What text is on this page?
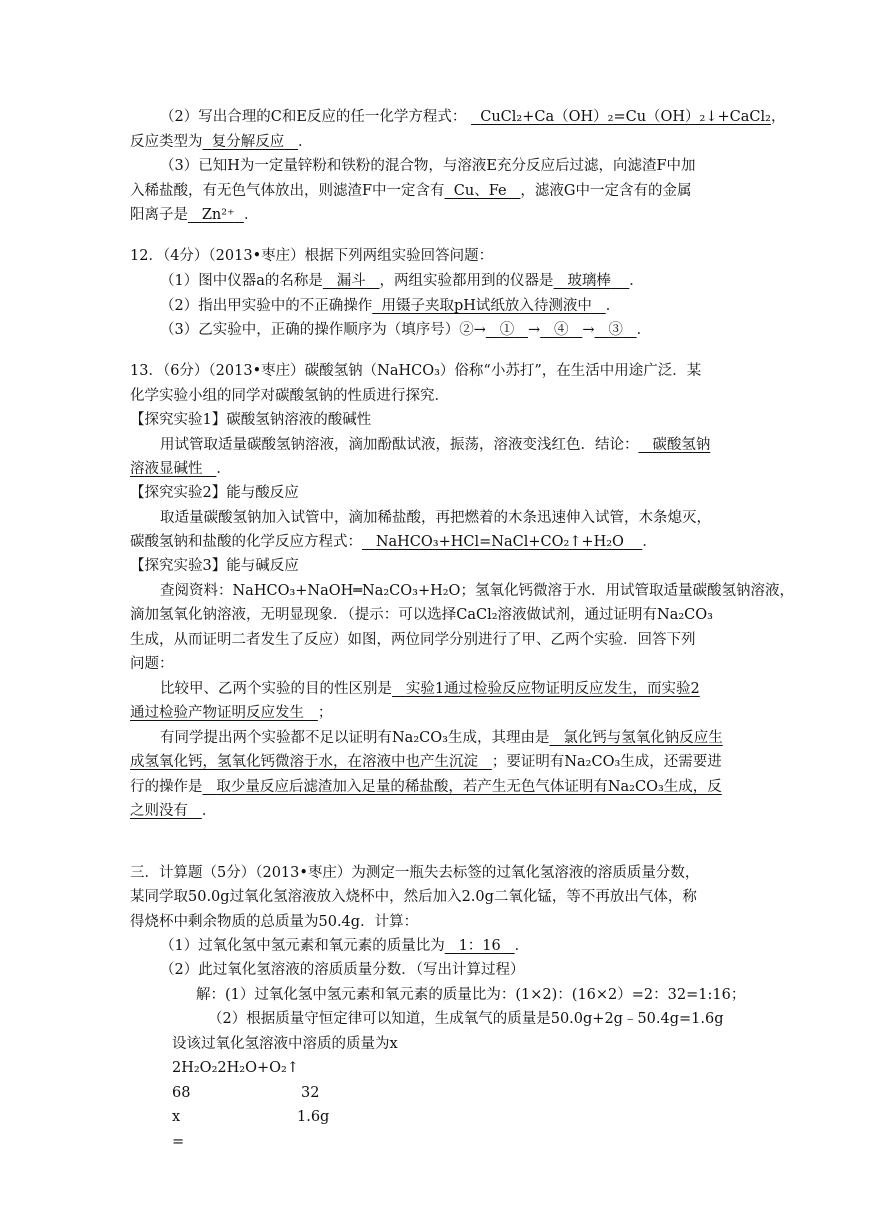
（2）写出合理的C和E反应的任一化学方程式： CuCl₂+Ca（OH）₂=Cu（OH）₂↓+CaCl₂，
反应类型为 复分解反应 ．
（3）已知H为一定量锌粉和铁粉的混合物，与溶液E充分反应后过滤，向滤渣F中加
入稀盐酸，有无色气体放出，则滤渣F中一定含有 Cu、Fe ，滤液G中一定含有的金属
阳离子是 Zn²⁺ ．
12．（4分）（2013•枣庄）根据下列两组实验回答问题：
（1）图中仪器a的名称是 漏斗 ，两组实验都用到的仪器是 玻璃棒 ．
（2）指出甲实验中的不正确操作 用镊子夹取pH试纸放入待测液中 ．
（3）乙实验中，正确的操作顺序为（填序号）②→ ① → ④ → ③ ．
13．（6分）（2013•枣庄）碳酸氢钠（NaHCO₃）俗称“小苏打”，在生活中用途广泛．某
化学实验小组的同学对碳酸氢钠的性质进行探究．
【探究实验1】碳酸氢钠溶液的酸碱性
用试管取适量碳酸氢钠溶液，滴加酚酞试液，振荡，溶液变浅红色．结论： 碳酸氢钠
溶液显碱性 ．
【探究实验2】能与酸反应
取适量碳酸氢钠加入试管中，滴加稀盐酸，再把燃着的木条迅速伸入试管，木条熄灭，
碳酸氢钠和盐酸的化学反应方程式： NaHCO₃+HCl=NaCl+CO₂↑+H₂O ．
【探究实验3】能与碱反应
查阅资料：NaHCO₃+NaOH═Na₂CO₃+H₂O；氢氧化钙微溶于水．用试管取适量碳酸氢钠溶液，
滴加氢氧化钠溶液，无明显现象．（提示：可以选择CaCl₂溶液做试剂，通过证明有Na₂CO₃
生成，从而证明二者发生了反应）如图，两位同学分别进行了甲、乙两个实验．回答下列
问题：
比较甲、乙两个实验的目的性区别是 实验1通过检验反应物证明反应发生，而实验2
通过检验产物证明反应发生 ；
有同学提出两个实验都不足以证明有Na₂CO₃生成，其理由是 氯化钙与氢氧化钠反应生
成氢氧化钙，氢氧化钙微溶于水，在溶液中也产生沉淀 ；要证明有Na₂CO₃生成，还需要进
行的操作是 取少量反应后滤渣加入足量的稀盐酸，若产生无色气体证明有Na₂CO₃生成，反
之则没有 ．
三．计算题（5分）（2013•枣庄）为测定一瓶失去标签的过氧化氢溶液的溶质质量分数，
某同学取50.0g过氧化氢溶液放入烧杯中，然后加入2.0g二氧化锰，等不再放出气体，称
得烧杯中剩余物质的总质量为50.4g．计算：
（1）过氧化氢中氢元素和氧元素的质量比为 1：16 ．
（2）此过氧化氢溶液的溶质质量分数．（写出计算过程）
解：(1）过氧化氢中氢元素和氧元素的质量比为：(1×2)：(16×2）=2：32=1:16；
（2）根据质量守恒定律可以知道，生成氧气的质量是50.0g+2g﹣50.4g=1.6g
设该过氧化氢溶液中溶质的质量为x
2H₂O₂2H₂O+O₂↑
68	32
x	1.6g
=
